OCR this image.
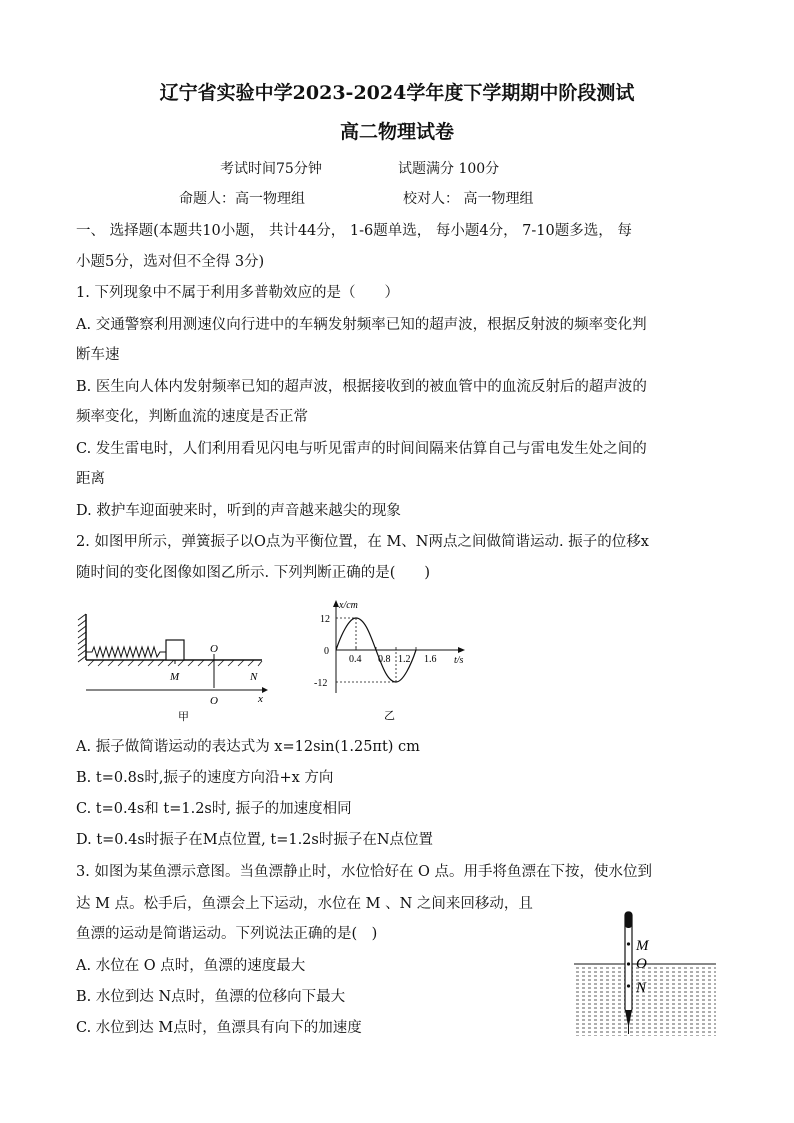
辽宁省实验中学2023-2024学年度下学期期中阶段测试
高二物理试卷
考试时间75分钟	试题满分 100分
命题人：高一物理组	校对人： 高一物理组
一、 选择题(本题共10小题， 共计44分， 1-6题单选， 每小题4分， 7-10题多选， 每
小题5分，选对但不全得 3分)
1. 下列现象中不属于利用多普勒效应的是（　　）
A. 交通警察利用测速仪向行进中的车辆发射频率已知的超声波，根据反射波的频率变化判
断车速
B. 医生向人体内发射频率已知的超声波，根据接收到的被血管中的血流反射后的超声波的
频率变化，判断血流的速度是否正常
C. 发生雷电时，人们利用看见闪电与听见雷声的时间间隔来估算自己与雷电发生处之间的
距离
D. 救护车迎面驶来时，听到的声音越来越尖的现象
2. 如图甲所示，弹簧振子以O点为平衡位置，在 M、N两点之间做简谐运动. 振子的位移x
随时间的变化图像如图乙所示. 下列判断正确的是(　　)
O
M	N
O	x
甲
x/cm
t/s
12
0
-12
0.4 0.8 1.2 1.6
乙
A. 振子做简谐运动的表达式为 x=12sin(1.25πt) cm
B. t=0.8s时,振子的速度方向沿+x 方向
C. t=0.4s和 t=1.2s时, 振子的加速度相同
D. t=0.4s时振子在M点位置, t=1.2s时振子在N点位置
3. 如图为某鱼漂示意图。当鱼漂静止时，水位恰好在 O 点。用手将鱼漂在下按，使水位到
达 M 点。松手后，鱼漂会上下运动，水位在 M 、N 之间来回移动，且
鱼漂的运动是简谐运动。下列说法正确的是(　)
A. 水位在 O 点时，鱼漂的速度最大
B. 水位到达 N点时，鱼漂的位移向下最大
C. 水位到达 M点时，鱼漂具有向下的加速度
M
O
N
